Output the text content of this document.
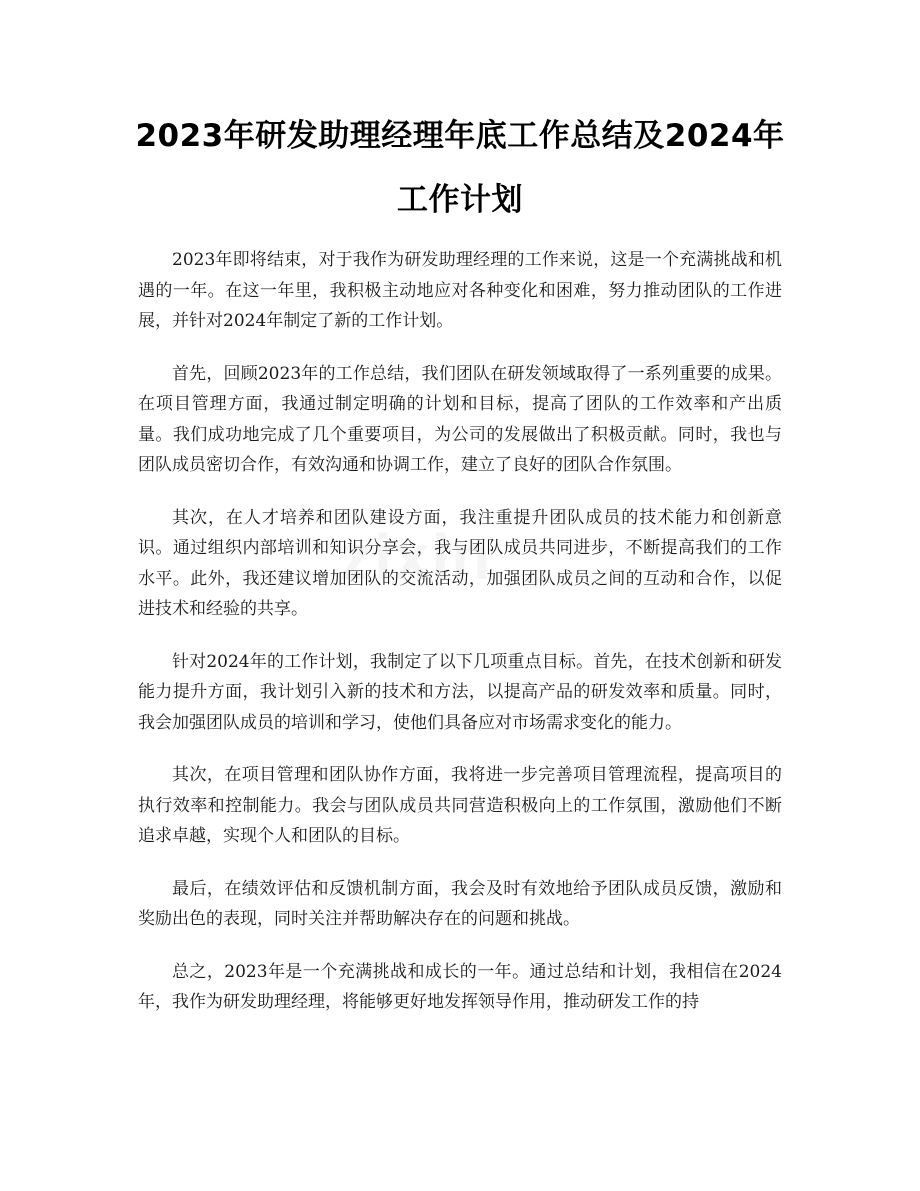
2023年研发助理经理年底工作总结及2024年工作计划
zixin

2023年即将结束，对于我作为研发助理经理的工作来说，这是一个充满挑战和机遇的一年。在这一年里，我积极主动地应对各种变化和困难，努力推动团队的工作进展，并针对2024年制定了新的工作计划。

首先，回顾2023年的工作总结，我们团队在研发领域取得了一系列重要的成果。在项目管理方面，我通过制定明确的计划和目标，提高了团队的工作效率和产出质量。我们成功地完成了几个重要项目，为公司的发展做出了积极贡献。同时，我也与团队成员密切合作，有效沟通和协调工作，建立了良好的团队合作氛围。

其次，在人才培养和团队建设方面，我注重提升团队成员的技术能力和创新意识。通过组织内部培训和知识分享会，我与团队成员共同进步，不断提高我们的工作水平。此外，我还建议增加团队的交流活动，加强团队成员之间的互动和合作，以促进技术和经验的共享。

针对2024年的工作计划，我制定了以下几项重点目标。首先，在技术创新和研发能力提升方面，我计划引入新的技术和方法，以提高产品的研发效率和质量。同时，我会加强团队成员的培训和学习，使他们具备应对市场需求变化的能力。

其次，在项目管理和团队协作方面，我将进一步完善项目管理流程，提高项目的执行效率和控制能力。我会与团队成员共同营造积极向上的工作氛围，激励他们不断追求卓越，实现个人和团队的目标。

最后，在绩效评估和反馈机制方面，我会及时有效地给予团队成员反馈，激励和奖励出色的表现，同时关注并帮助解决存在的问题和挑战。

总之，2023年是一个充满挑战和成长的一年。通过总结和计划，我相信在2024年，我作为研发助理经理，将能够更好地发挥领导作用，推动研发工作的持
